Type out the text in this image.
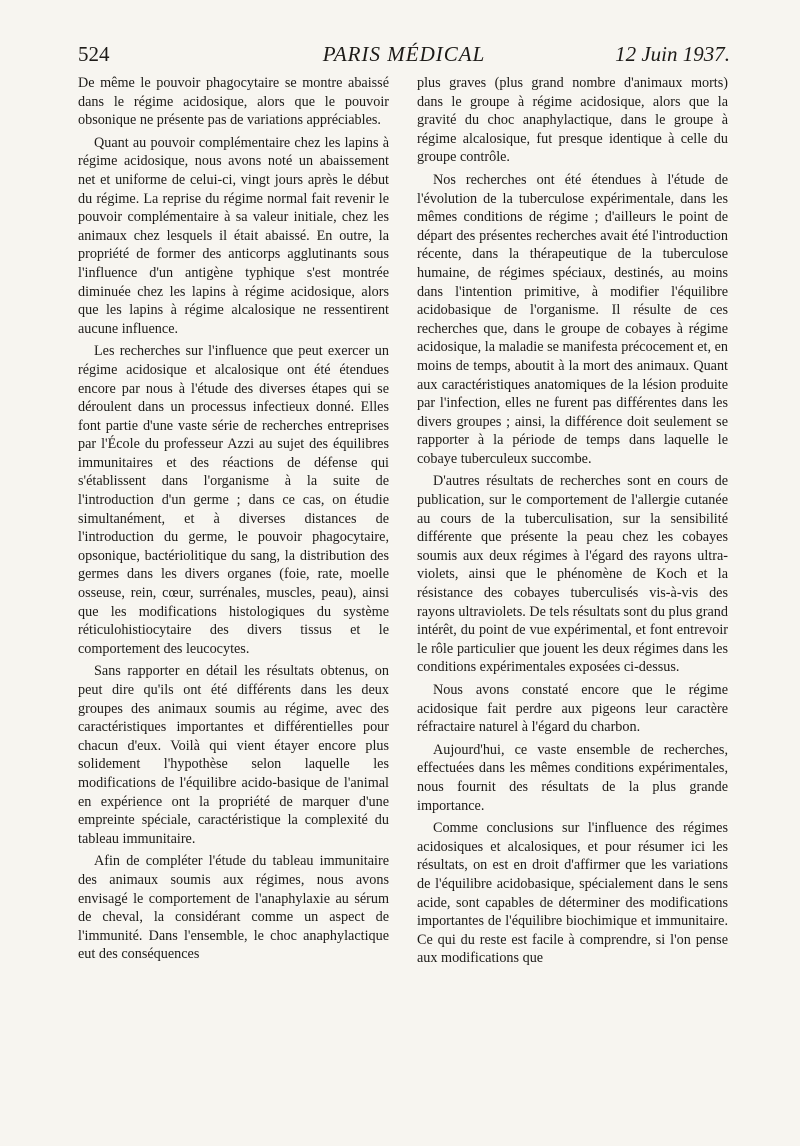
524	PARIS MÉDICAL	12 Juin 1937.

De même le pouvoir phagocytaire se montre abaissé dans le régime acidosique, alors que le pouvoir obsonique ne présente pas de variations appréciables.

Quant au pouvoir complémentaire chez les lapins à régime acidosique, nous avons noté un abaissement net et uniforme de celui-ci, vingt jours après le début du régime. La reprise du régime normal fait revenir le pouvoir complémentaire à sa valeur initiale, chez les animaux chez lesquels il était abaissé. En outre, la propriété de former des anticorps agglutinants sous l'influence d'un antigène typhique s'est montrée diminuée chez les lapins à régime acidosique, alors que les lapins à régime alcalosique ne ressentirent aucune influence.

Les recherches sur l'influence que peut exercer un régime acidosique et alcalosique ont été étendues encore par nous à l'étude des diverses étapes qui se déroulent dans un processus infectieux donné. Elles font partie d'une vaste série de recherches entreprises par l'École du professeur Azzi au sujet des équilibres immunitaires et des réactions de défense qui s'établissent dans l'organisme à la suite de l'introduction d'un germe ; dans ce cas, on étudie simultanément, et à diverses distances de l'introduction du germe, le pouvoir phagocytaire, opsonique, bactériolitique du sang, la distribution des germes dans les divers organes (foie, rate, moelle osseuse, rein, cœur, surrénales, muscles, peau), ainsi que les modifications histologiques du système réticulohistiocytaire des divers tissus et le comportement des leucocytes.

Sans rapporter en détail les résultats obtenus, on peut dire qu'ils ont été différents dans les deux groupes des animaux soumis au régime, avec des caractéristiques importantes et différentielles pour chacun d'eux. Voilà qui vient étayer encore plus solidement l'hypothèse selon laquelle les modifications de l'équilibre acido-basique de l'animal en expérience ont la propriété de marquer d'une empreinte spéciale, caractéristique la complexité du tableau immunitaire.

Afin de compléter l'étude du tableau immunitaire des animaux soumis aux régimes, nous avons envisagé le comportement de l'anaphylaxie au sérum de cheval, la considérant comme un aspect de l'immunité. Dans l'ensemble, le choc anaphylactique eut des conséquences

plus graves (plus grand nombre d'animaux morts) dans le groupe à régime acidosique, alors que la gravité du choc anaphylactique, dans le groupe à régime alcalosique, fut presque identique à celle du groupe contrôle.

Nos recherches ont été étendues à l'étude de l'évolution de la tuberculose expérimentale, dans les mêmes conditions de régime ; d'ailleurs le point de départ des présentes recherches avait été l'introduction récente, dans la thérapeutique de la tuberculose humaine, de régimes spéciaux, destinés, au moins dans l'intention primitive, à modifier l'équilibre acidobasique de l'organisme. Il résulte de ces recherches que, dans le groupe de cobayes à régime acidosique, la maladie se manifesta précocement et, en moins de temps, aboutit à la mort des animaux. Quant aux caractéristiques anatomiques de la lésion produite par l'infection, elles ne furent pas différentes dans les divers groupes ; ainsi, la différence doit seulement se rapporter à la période de temps dans laquelle le cobaye tuberculeux succombe.

D'autres résultats de recherches sont en cours de publication, sur le comportement de l'allergie cutanée au cours de la tuberculisation, sur la sensibilité différente que présente la peau chez les cobayes soumis aux deux régimes à l'égard des rayons ultra-violets, ainsi que le phénomène de Koch et la résistance des cobayes tuberculisés vis-à-vis des rayons ultraviolets. De tels résultats sont du plus grand intérêt, du point de vue expérimental, et font entrevoir le rôle particulier que jouent les deux régimes dans les conditions expérimentales exposées ci-dessus.

Nous avons constaté encore que le régime acidosique fait perdre aux pigeons leur caractère réfractaire naturel à l'égard du charbon.

Aujourd'hui, ce vaste ensemble de recherches, effectuées dans les mêmes conditions expérimentales, nous fournit des résultats de la plus grande importance.

Comme conclusions sur l'influence des régimes acidosiques et alcalosiques, et pour résumer ici les résultats, on est en droit d'affirmer que les variations de l'équilibre acidobasique, spécialement dans le sens acide, sont capables de déterminer des modifications importantes de l'équilibre biochimique et immunitaire. Ce qui du reste est facile à comprendre, si l'on pense aux modifications que
